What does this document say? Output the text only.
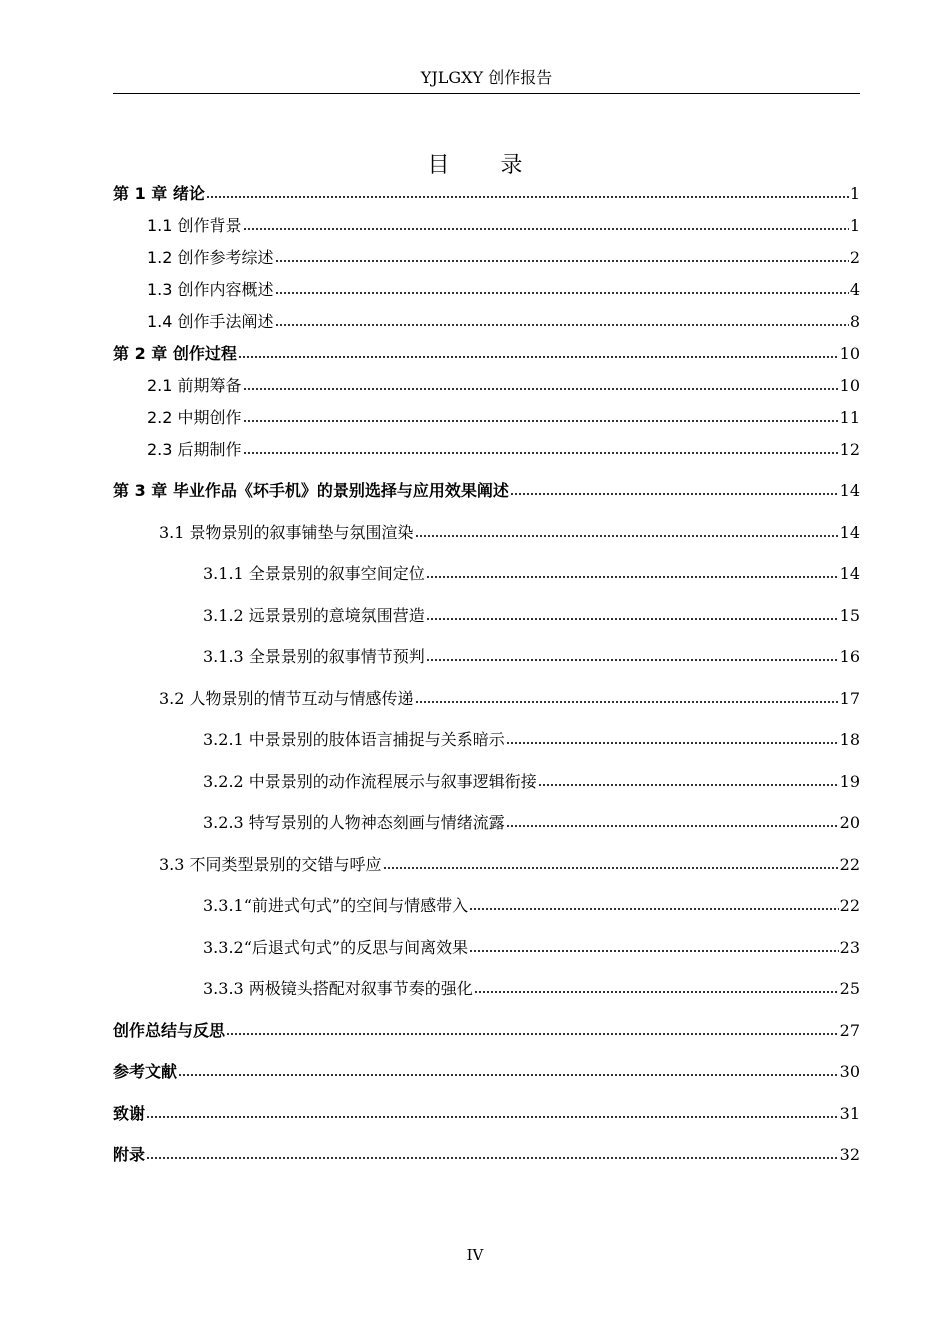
YJLGXY 创作报告
目 录
第 1 章 绪论	1
1.1 创作背景	1
1.2 创作参考综述	2
1.3 创作内容概述	4
1.4 创作手法阐述	8
第 2 章 创作过程	10
2.1 前期筹备	10
2.2 中期创作	11
2.3 后期制作	12
第 3 章 毕业作品《坏手机》的景别选择与应用效果阐述	14
3.1 景物景别的叙事铺垫与氛围渲染	14
3.1.1 全景景别的叙事空间定位	14
3.1.2 远景景别的意境氛围营造	15
3.1.3 全景景别的叙事情节预判	16
3.2 人物景别的情节互动与情感传递	17
3.2.1 中景景别的肢体语言捕捉与关系暗示	18
3.2.2 中景景别的动作流程展示与叙事逻辑衔接	19
3.2.3 特写景别的人物神态刻画与情绪流露	20
3.3 不同类型景别的交错与呼应	22
3.3.1“前进式句式”的空间与情感带入	22
3.3.2“后退式句式”的反思与间离效果	23
3.3.3 两极镜头搭配对叙事节奏的强化	25
创作总结与反思	27
参考文献	30
致谢	31
附录	32
IV
